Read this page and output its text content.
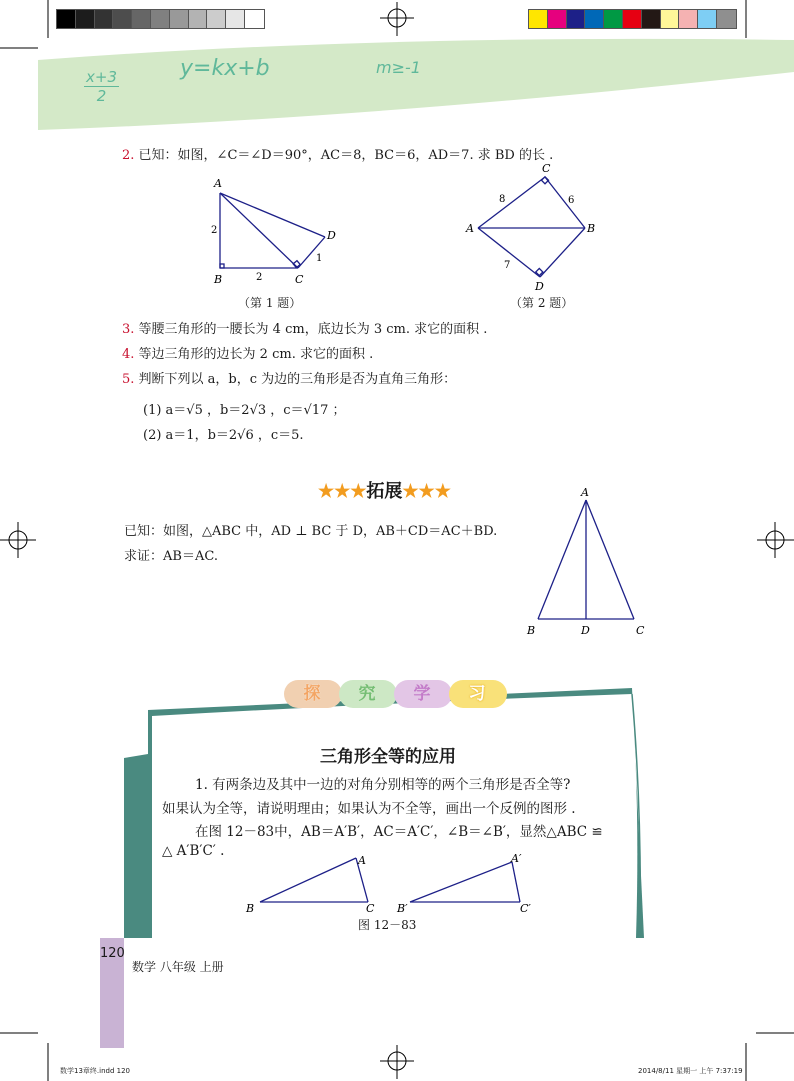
x+3
2
y=kx+b	m≥-1
2. 已知：如图，∠C＝∠D＝90°，AC＝8，BC＝6，AD＝7. 求 BD 的长 .
A
B	C
D
2
2
1
（第 1 题）
C
A	B
D
8	6
7
（第 2 题）
3. 等腰三角形的一腰长为 4 cm，底边长为 3 cm. 求它的面积 .
4. 等边三角形的边长为 2 cm. 求它的面积 .
5. 判断下列以 a，b，c 为边的三角形是否为直角三角形：
(1) a＝√5 ，b＝2√3 ，c＝√17 ；
(2) a＝1，b＝2√6 ，c＝5.
★★★拓展★★★
已知：如图，△ABC 中，AD ⊥ BC 于 D，AB＋CD＝AC＋BD.
求证：AB＝AC.
A
B	D	C
探	究	学	习
三角形全等的应用
1. 有两条边及其中一边的对角分别相等的两个三角形是否全等?
如果认为全等，请说明理由；如果认为不全等，画出一个反例的图形 .
在图 12－83中，AB＝A′B′，AC＝A′C′，∠B＝∠B′，显然△ABC ≌
△ A′B′C′ .
A
B	C
A′
B′	C′
图 12－83
120
数学 八年级 上册
数学13章终.indd 120	2014/8/11 星期一 上午 7:37:19
